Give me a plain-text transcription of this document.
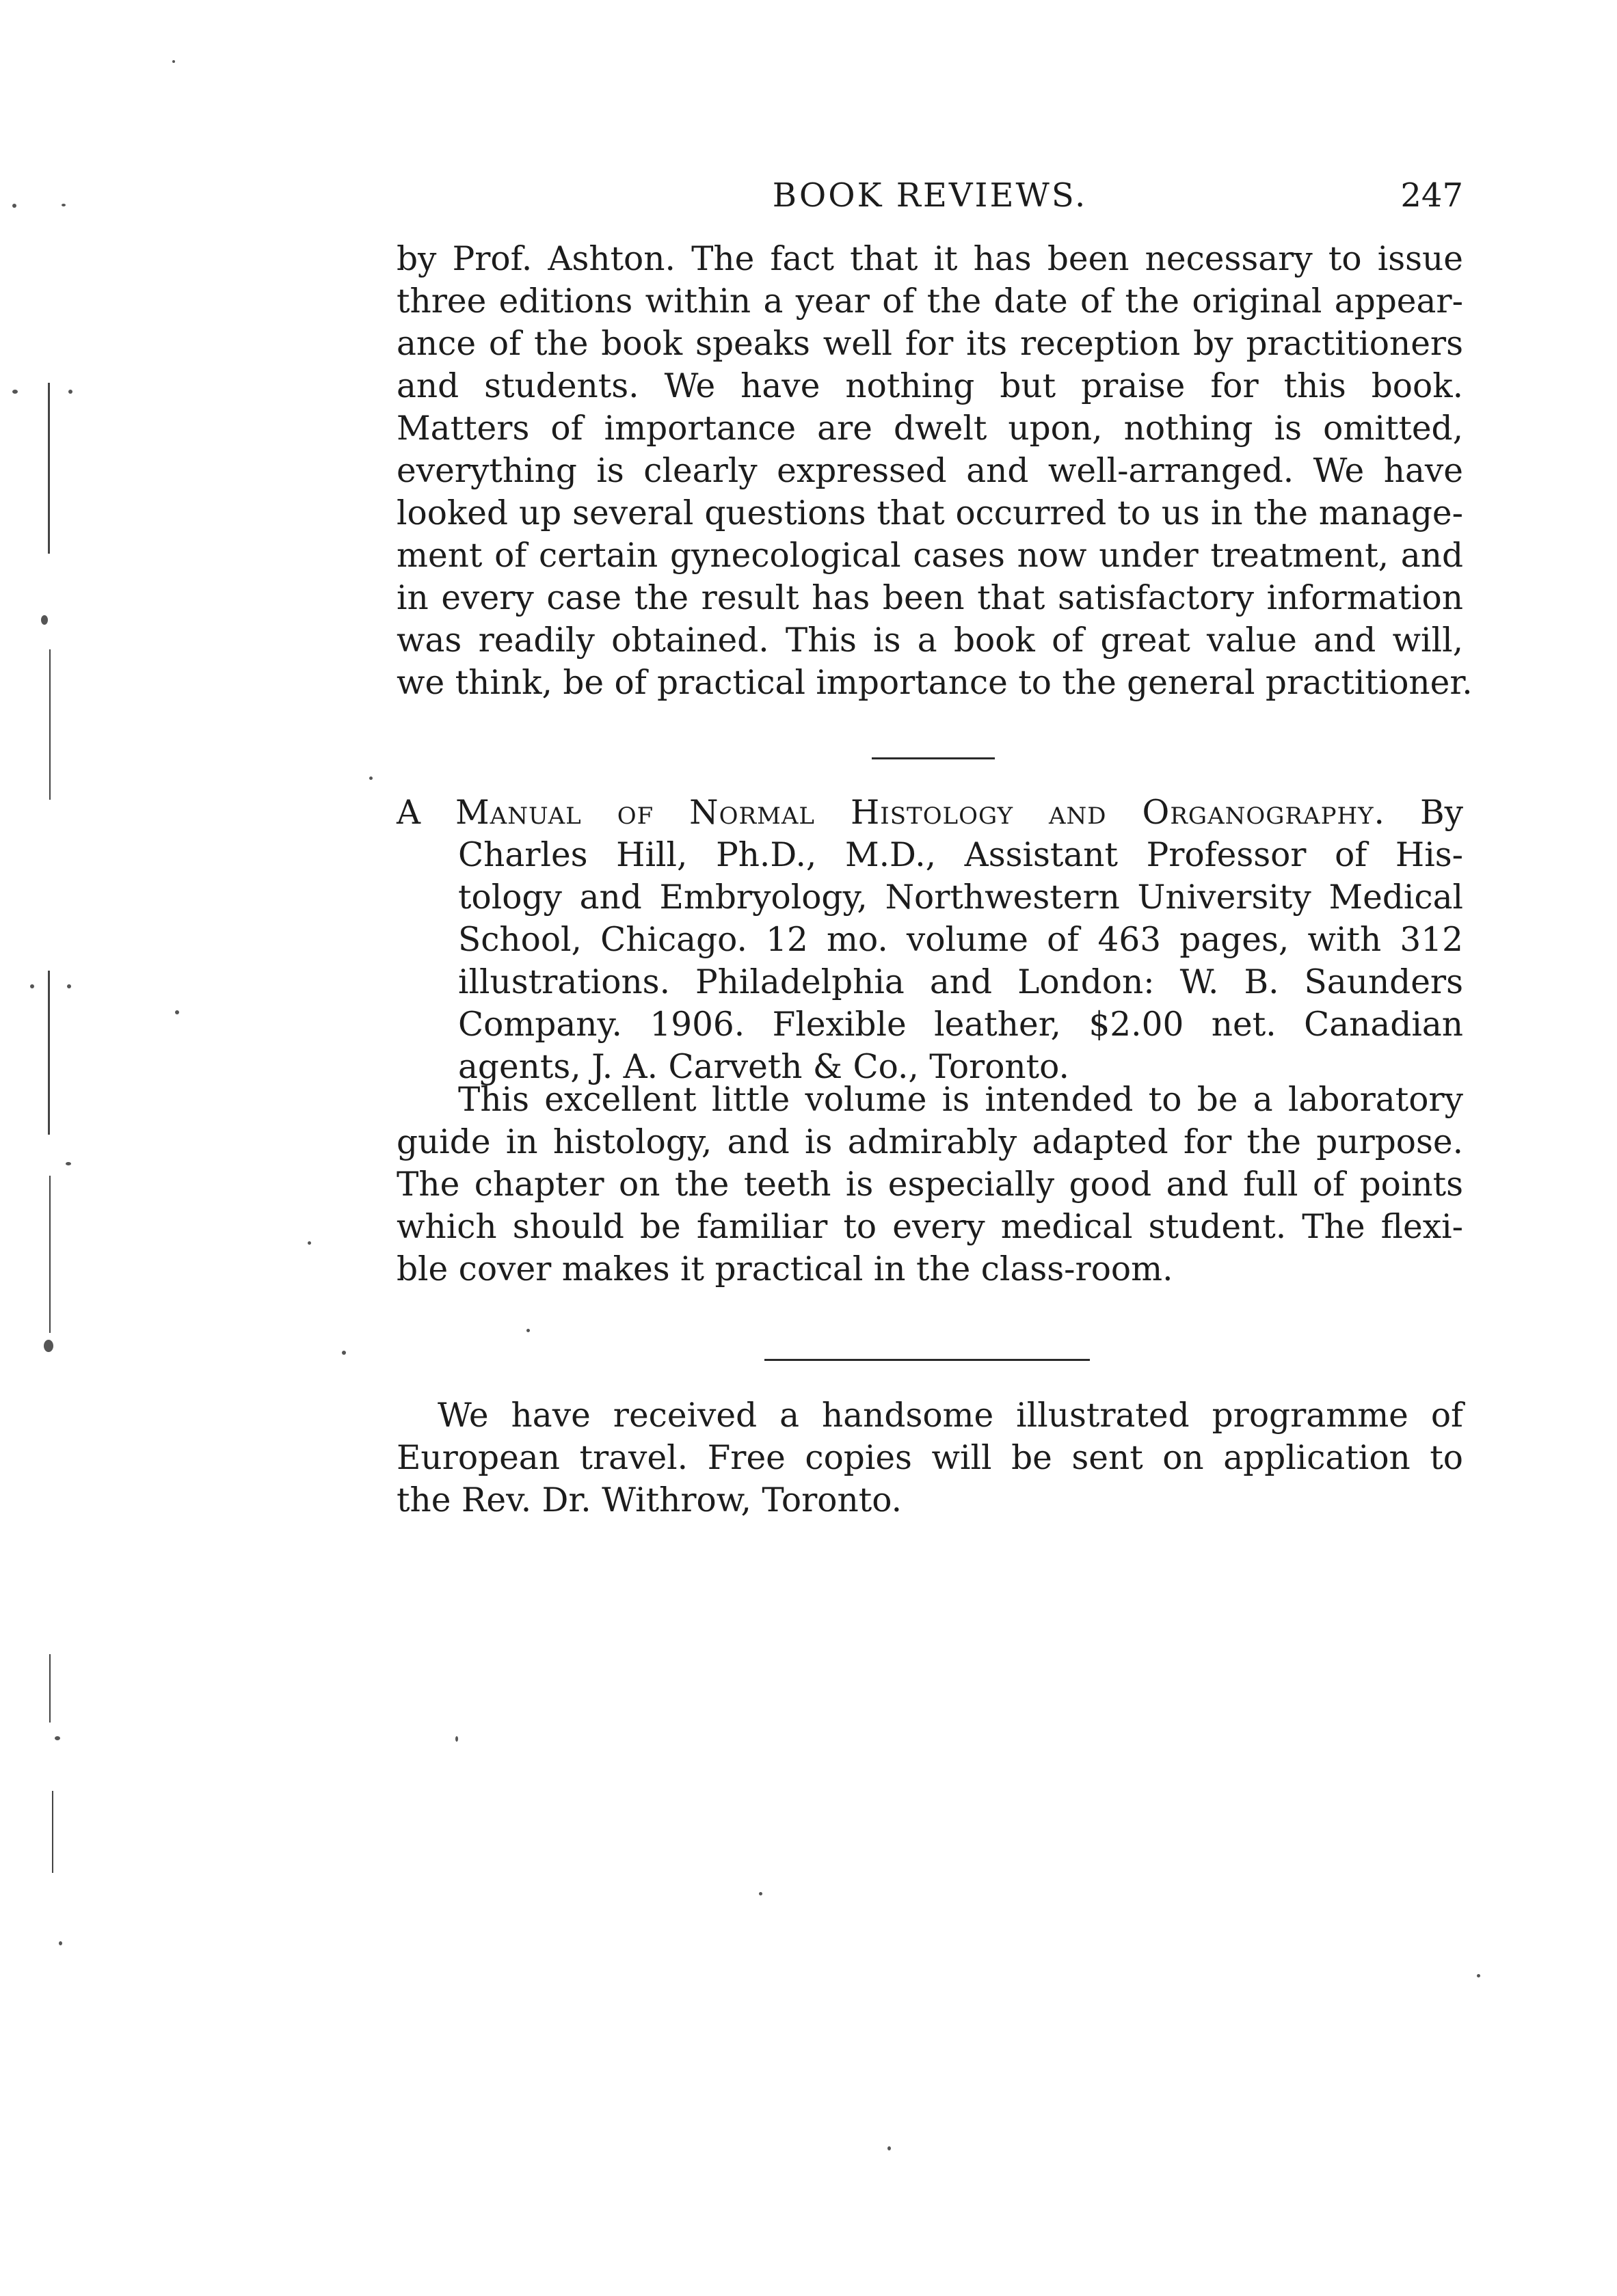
BOOK REVIEWS.	247

by Prof. Ashton. The fact that it has been necessary to issue
three editions within a year of the date of the original appear-
ance of the book speaks well for its reception by practitioners
and students. We have nothing but praise for this book.
Matters of importance are dwelt upon, nothing is omitted,
everything is clearly expressed and well-arranged. We have
looked up several questions that occurred to us in the manage-
ment of certain gynecological cases now under treatment, and
in every case the result has been that satisfactory information
was readily obtained. This is a book of great value and will,
we think, be of practical importance to the general practitioner.

A Manual of Normal Histology and Organography. By
Charles Hill, Ph.D., M.D., Assistant Professor of His-
tology and Embryology, Northwestern University Medical
School, Chicago. 12 mo. volume of 463 pages, with 312
illustrations. Philadelphia and London: W. B. Saunders
Company. 1906. Flexible leather, $2.00 net. Canadian
agents, J. A. Carveth & Co., Toronto.

This excellent little volume is intended to be a laboratory
guide in histology, and is admirably adapted for the purpose.
The chapter on the teeth is especially good and full of points
which should be familiar to every medical student. The flexi-
ble cover makes it practical in the class-room.

We have received a handsome illustrated programme of
European travel. Free copies will be sent on application to
the Rev. Dr. Withrow, Toronto.
